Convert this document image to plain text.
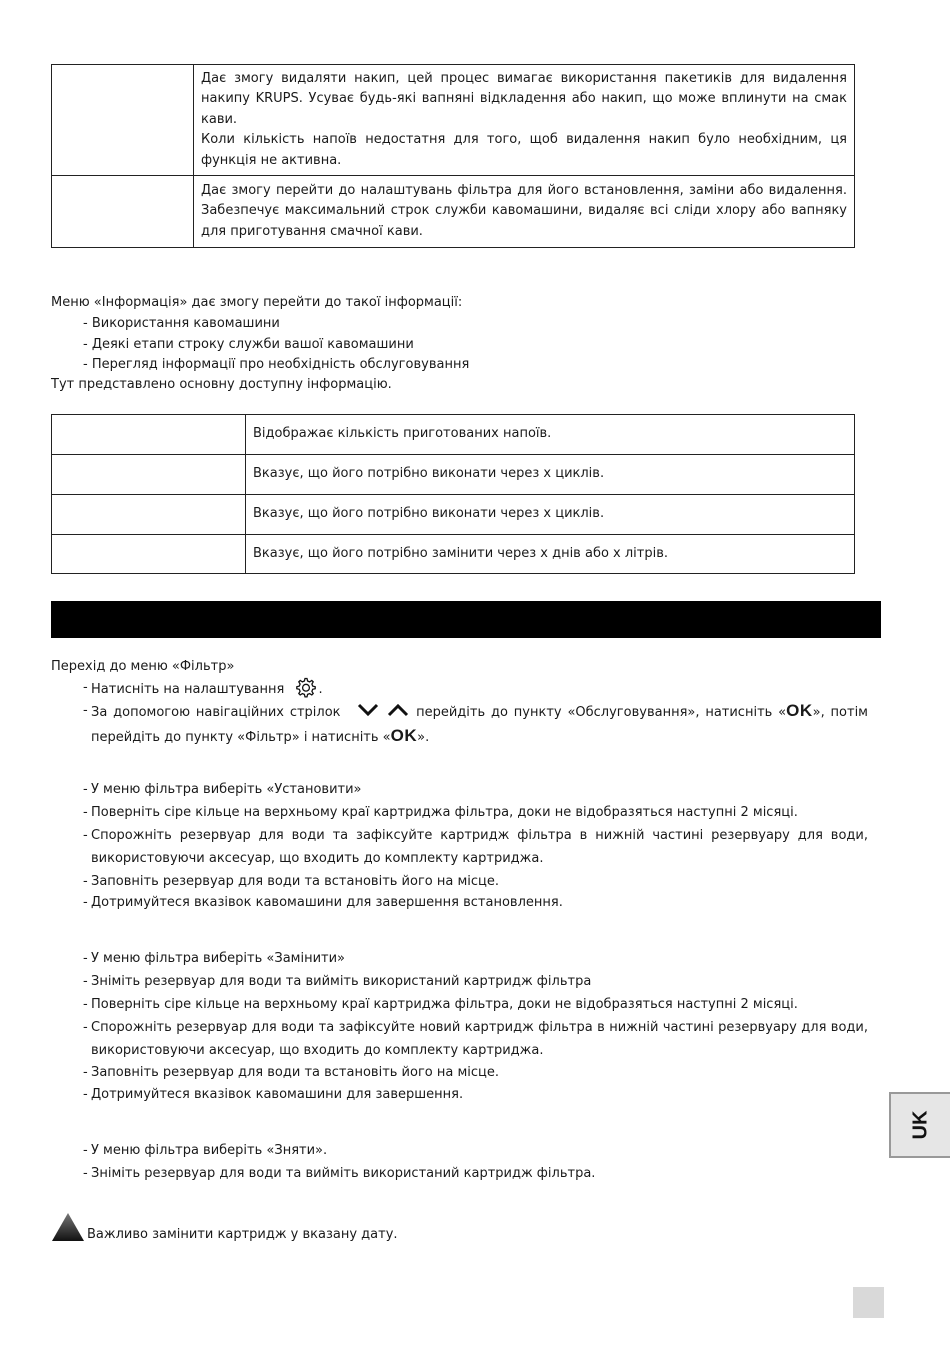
	Дає змогу видаляти накип, цей процес вимагає використання пакетиків для видалення накипу KRUPS. Усуває будь-які вапняні відкладення або накип, що може вплинути на смак кави.
Коли кількість напоїв недостатня для того, щоб видалення накип було необхідним, ця функція не активна.

	Дає змогу перейти до налаштувань фільтра для його встановлення, заміни або видалення. Забезпечує максимальний строк служби кавомашини, видаляє всі сліди хлору або вапняку для приготування смачної кави.
Меню «Інформація» дає змогу перейти до такої інформації:
- Використання кавомашини
- Деякі етапи строку служби вашої кавомашини
- Перегляд інформації про необхідність обслуговування
Тут представлено основну доступну інформацію.
	Відображає кількість приготованих напоїв.
	Вказує, що його потрібно виконати через x циклів.
	Вказує, що його потрібно виконати через x циклів.
	Вказує, що його потрібно замінити через x днів або x літрів.
Перехід до меню «Фільтр»
- Натисніть на налаштування	.
- За допомогою навігаційних стрілок	перейдіть до пункту «Обслуговування», натисніть «OK», потім перейдіть до пункту «Фільтр» і натисніть «OK».
- У меню фільтра виберіть «Установити»
- Поверніть сіре кільце на верхньому краї картриджа фільтра, доки не відобразяться наступні 2 місяці.
- Спорожніть резервуар для води та зафіксуйте картридж фільтра в нижній частині резервуару для води, використовуючи аксесуар, що входить до комплекту картриджа.
- Заповніть резервуар для води та встановіть його на місце.
- Дотримуйтеся вказівок кавомашини для завершення встановлення.
- У меню фільтра виберіть «Замінити»
- Зніміть резервуар для води та вийміть використаний картридж фільтра
- Поверніть сіре кільце на верхньому краї картриджа фільтра, доки не відобразяться наступні 2 місяці.
- Спорожніть резервуар для води та зафіксуйте новий картридж фільтра в нижній частині резервуару для води, використовуючи аксесуар, що входить до комплекту картриджа.
- Заповніть резервуар для води та встановіть його на місце.
- Дотримуйтеся вказівок кавомашини для завершення.
- У меню фільтра виберіть «Зняти».
- Зніміть резервуар для води та вийміть використаний картридж фільтра.
Важливо замінити картридж у вказану дату.
UK
